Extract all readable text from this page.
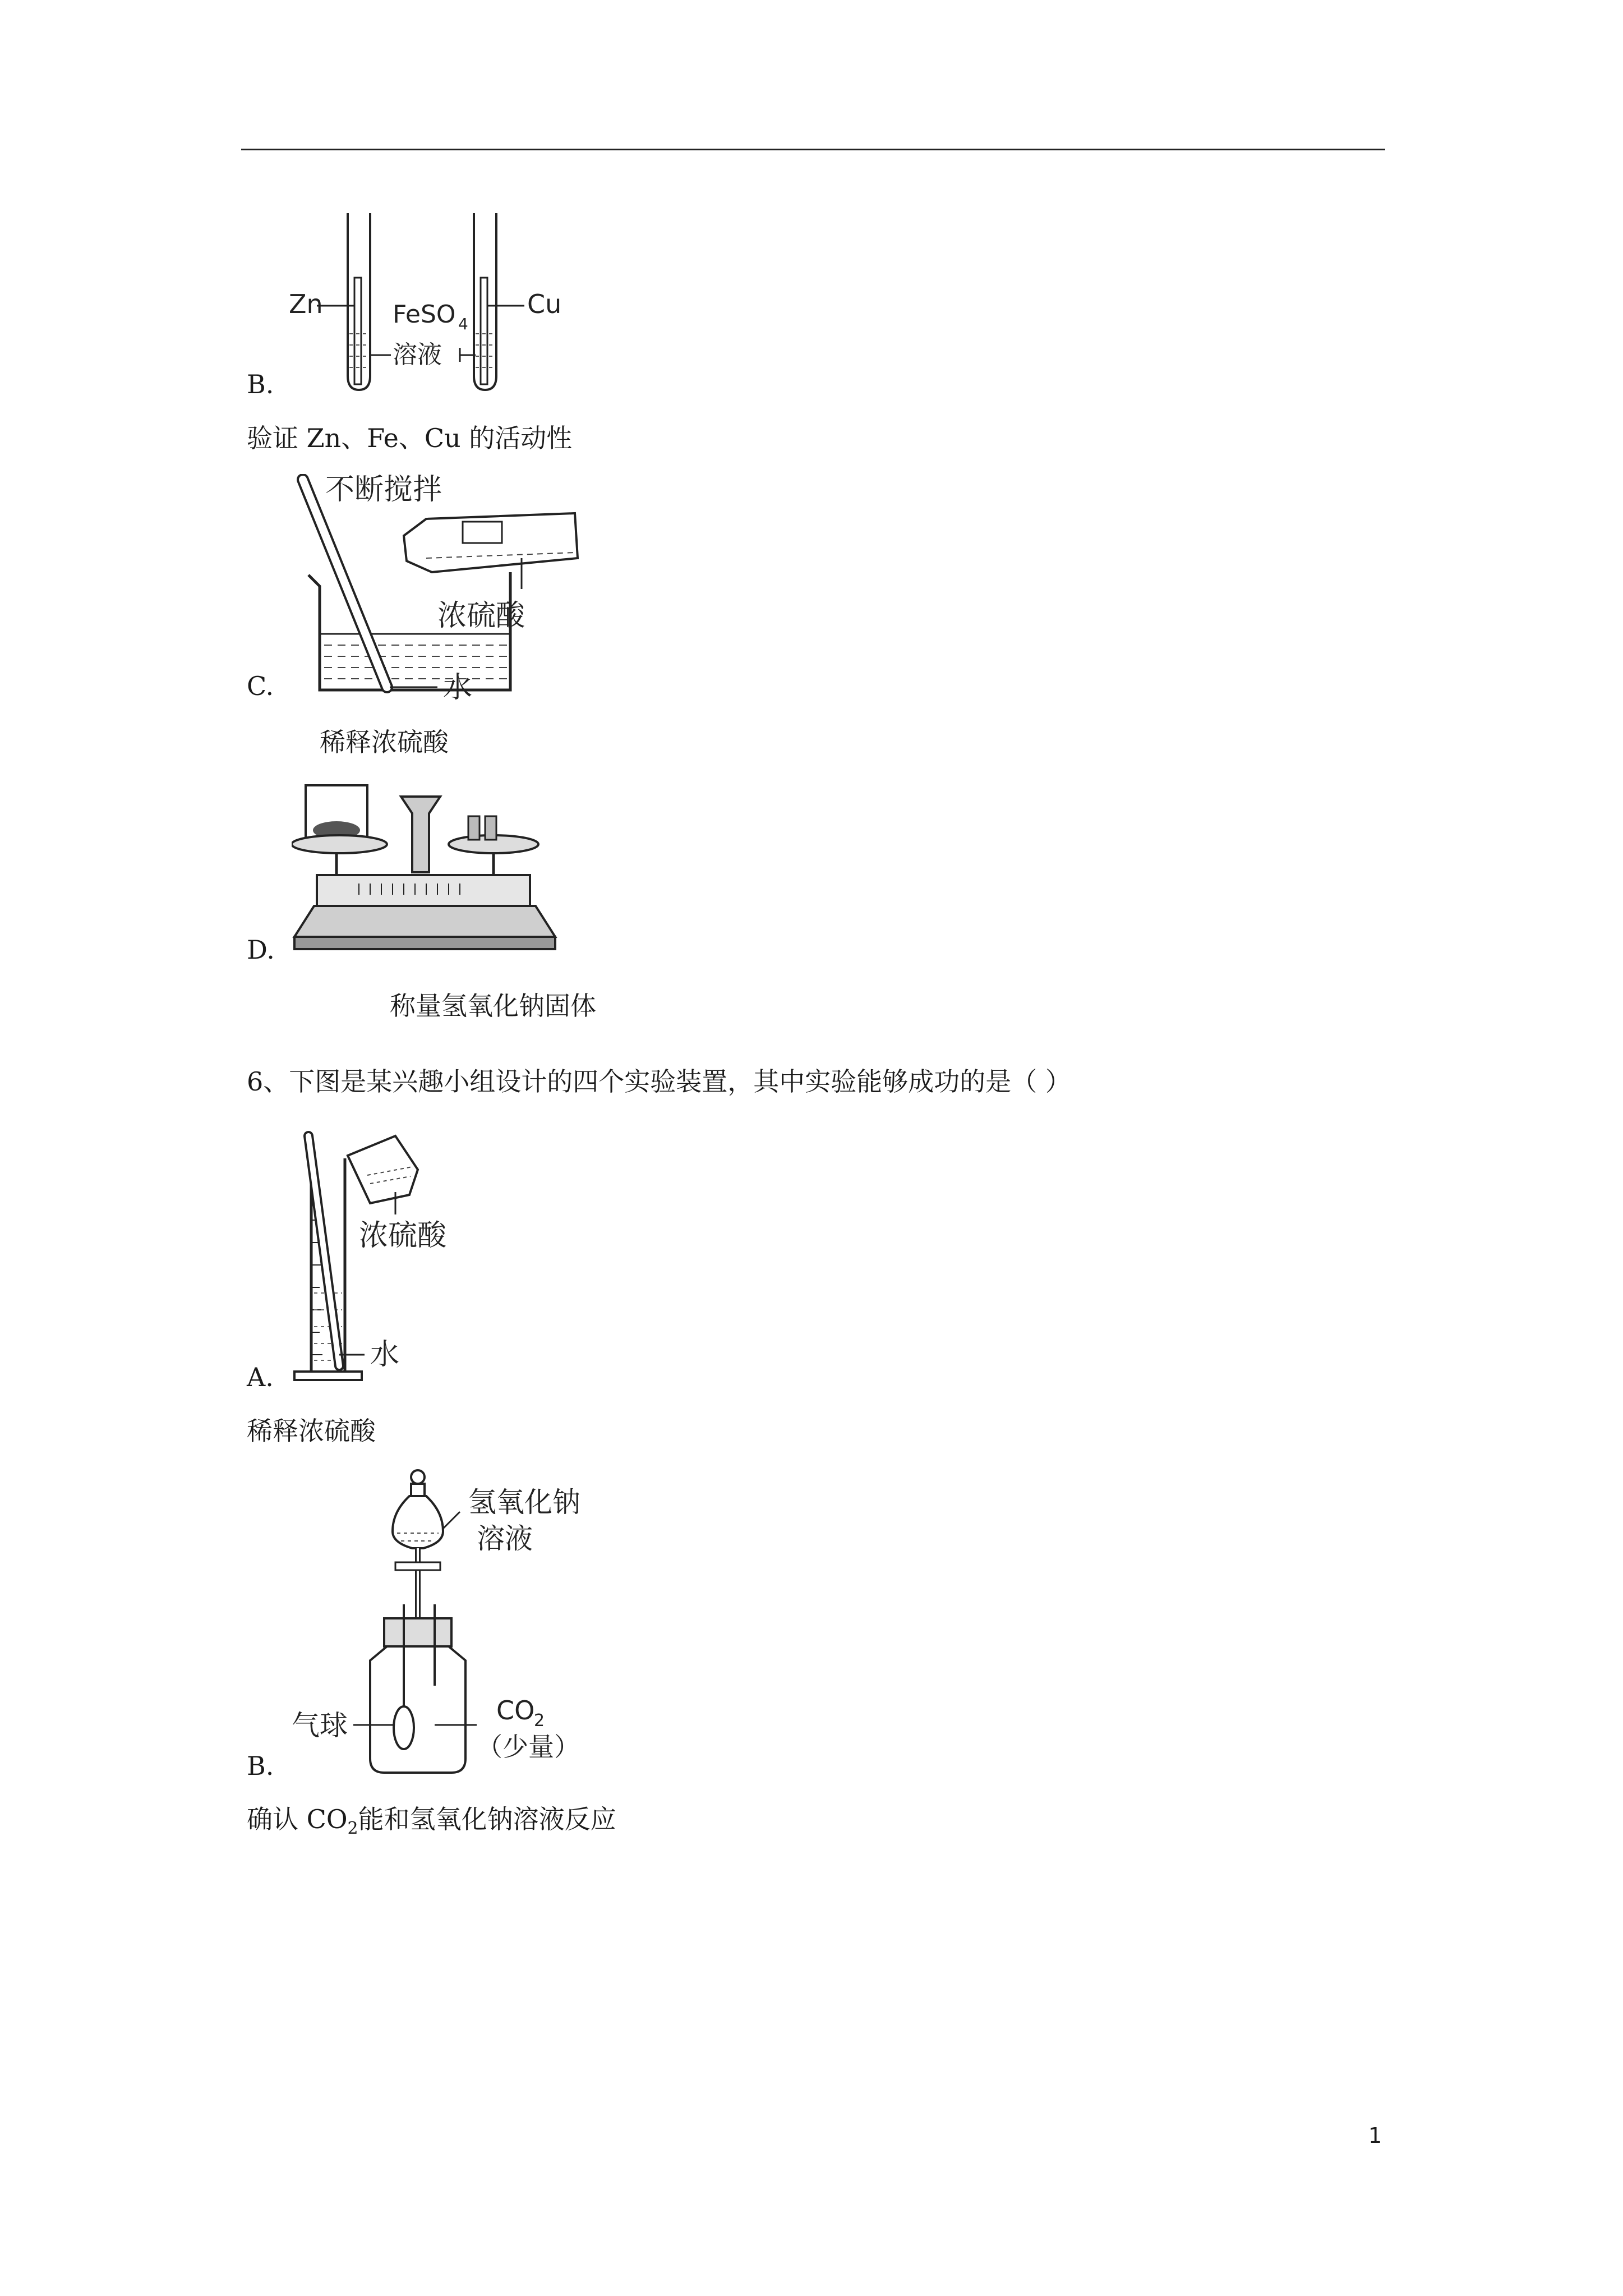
Zn	FeSO 4
溶液
Cu
B.
验证 Zn、Fe、Cu 的活动性
不断搅拌
浓硫酸
水
C.
稀释浓硫酸
D.
称量氢氧化钠固体
6、下图是某兴趣小组设计的四个实验装置，其中实验能够成功的是（ ）
浓硫酸
水
A.
稀释浓硫酸
氢氧化钠
溶液
气球	CO
2
（少量）
B.
确认 $CO_2$能和氢氧化钠溶液反应
1
